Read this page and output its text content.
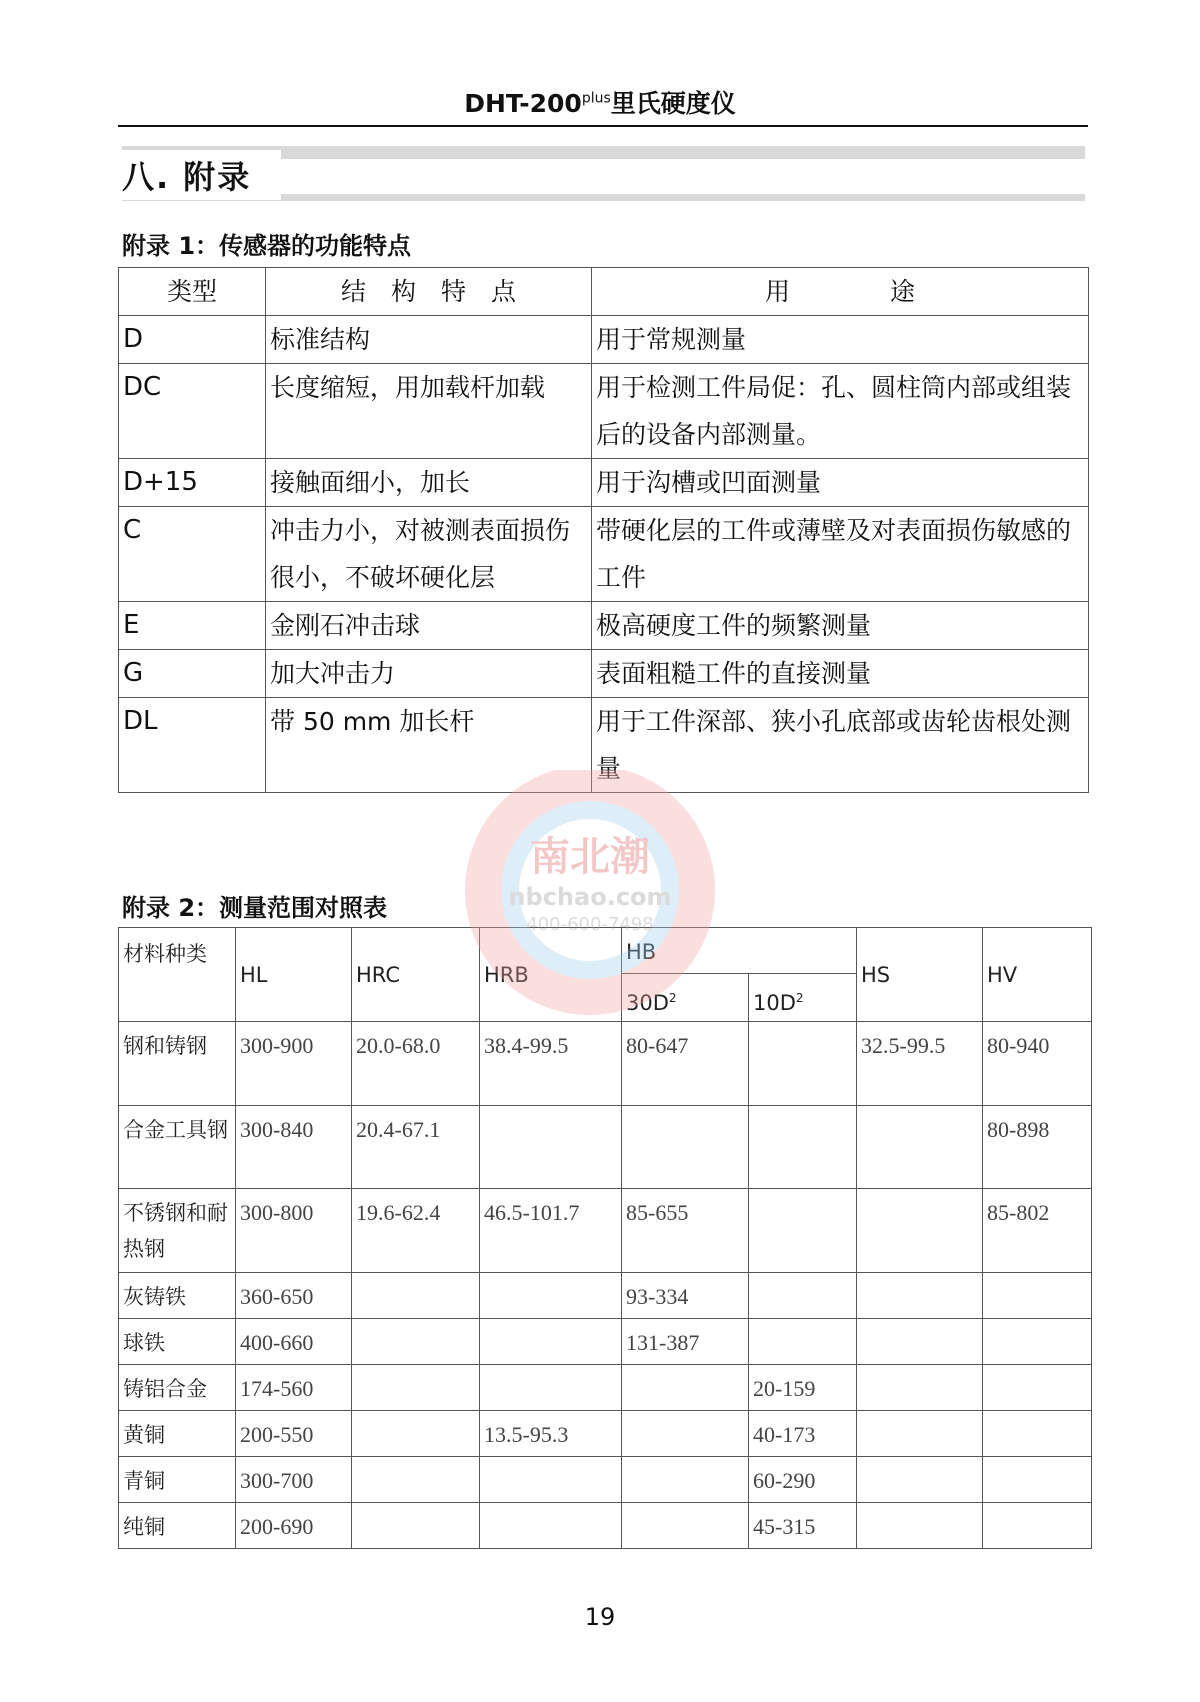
DHT-$200^{plus}$里氏硬度仪
八. 附录
附录 1：传感器的功能特点
类型	结　构　特　点	用　　　　途
D	标准结构	用于常规测量
DC	长度缩短，用加载杆加载	用于检测工件局促：孔、圆柱筒内部或组装后的设备内部测量。
D+15	接触面细小，加长	用于沟槽或凹面测量
C	冲击力小，对被测表面损伤很小，不破坏硬化层	带硬化层的工件或薄壁及对表面损伤敏感的工件
E	金刚石冲击球	极高硬度工件的频繁测量
G	加大冲击力	表面粗糙工件的直接测量
DL	带 50 mm 加长杆	用于工件深部、狭小孔底部或齿轮齿根处测量
附录 2：测量范围对照表
材料种类	HL	HRC	HRB	HB		HS	HV
				$30D^2$	$10D^2$
钢和铸钢	300-900	20.0-68.0	38.4-99.5	80-647		32.5-99.5	80-940
合金工具钢	300-840	20.4-67.1					80-898
不锈钢和耐热钢	300-800	19.6-62.4	46.5-101.7	85-655			85-802
灰铸铁	360-650			93-334			
球铁	400-660			131-387			
铸铝合金	174-560				20-159		
黄铜	200-550		13.5-95.3		40-173		
青铜	300-700				60-290		
纯铜	200-690				45-315		
南北潮
nbchao.com
400-600-7498
19
